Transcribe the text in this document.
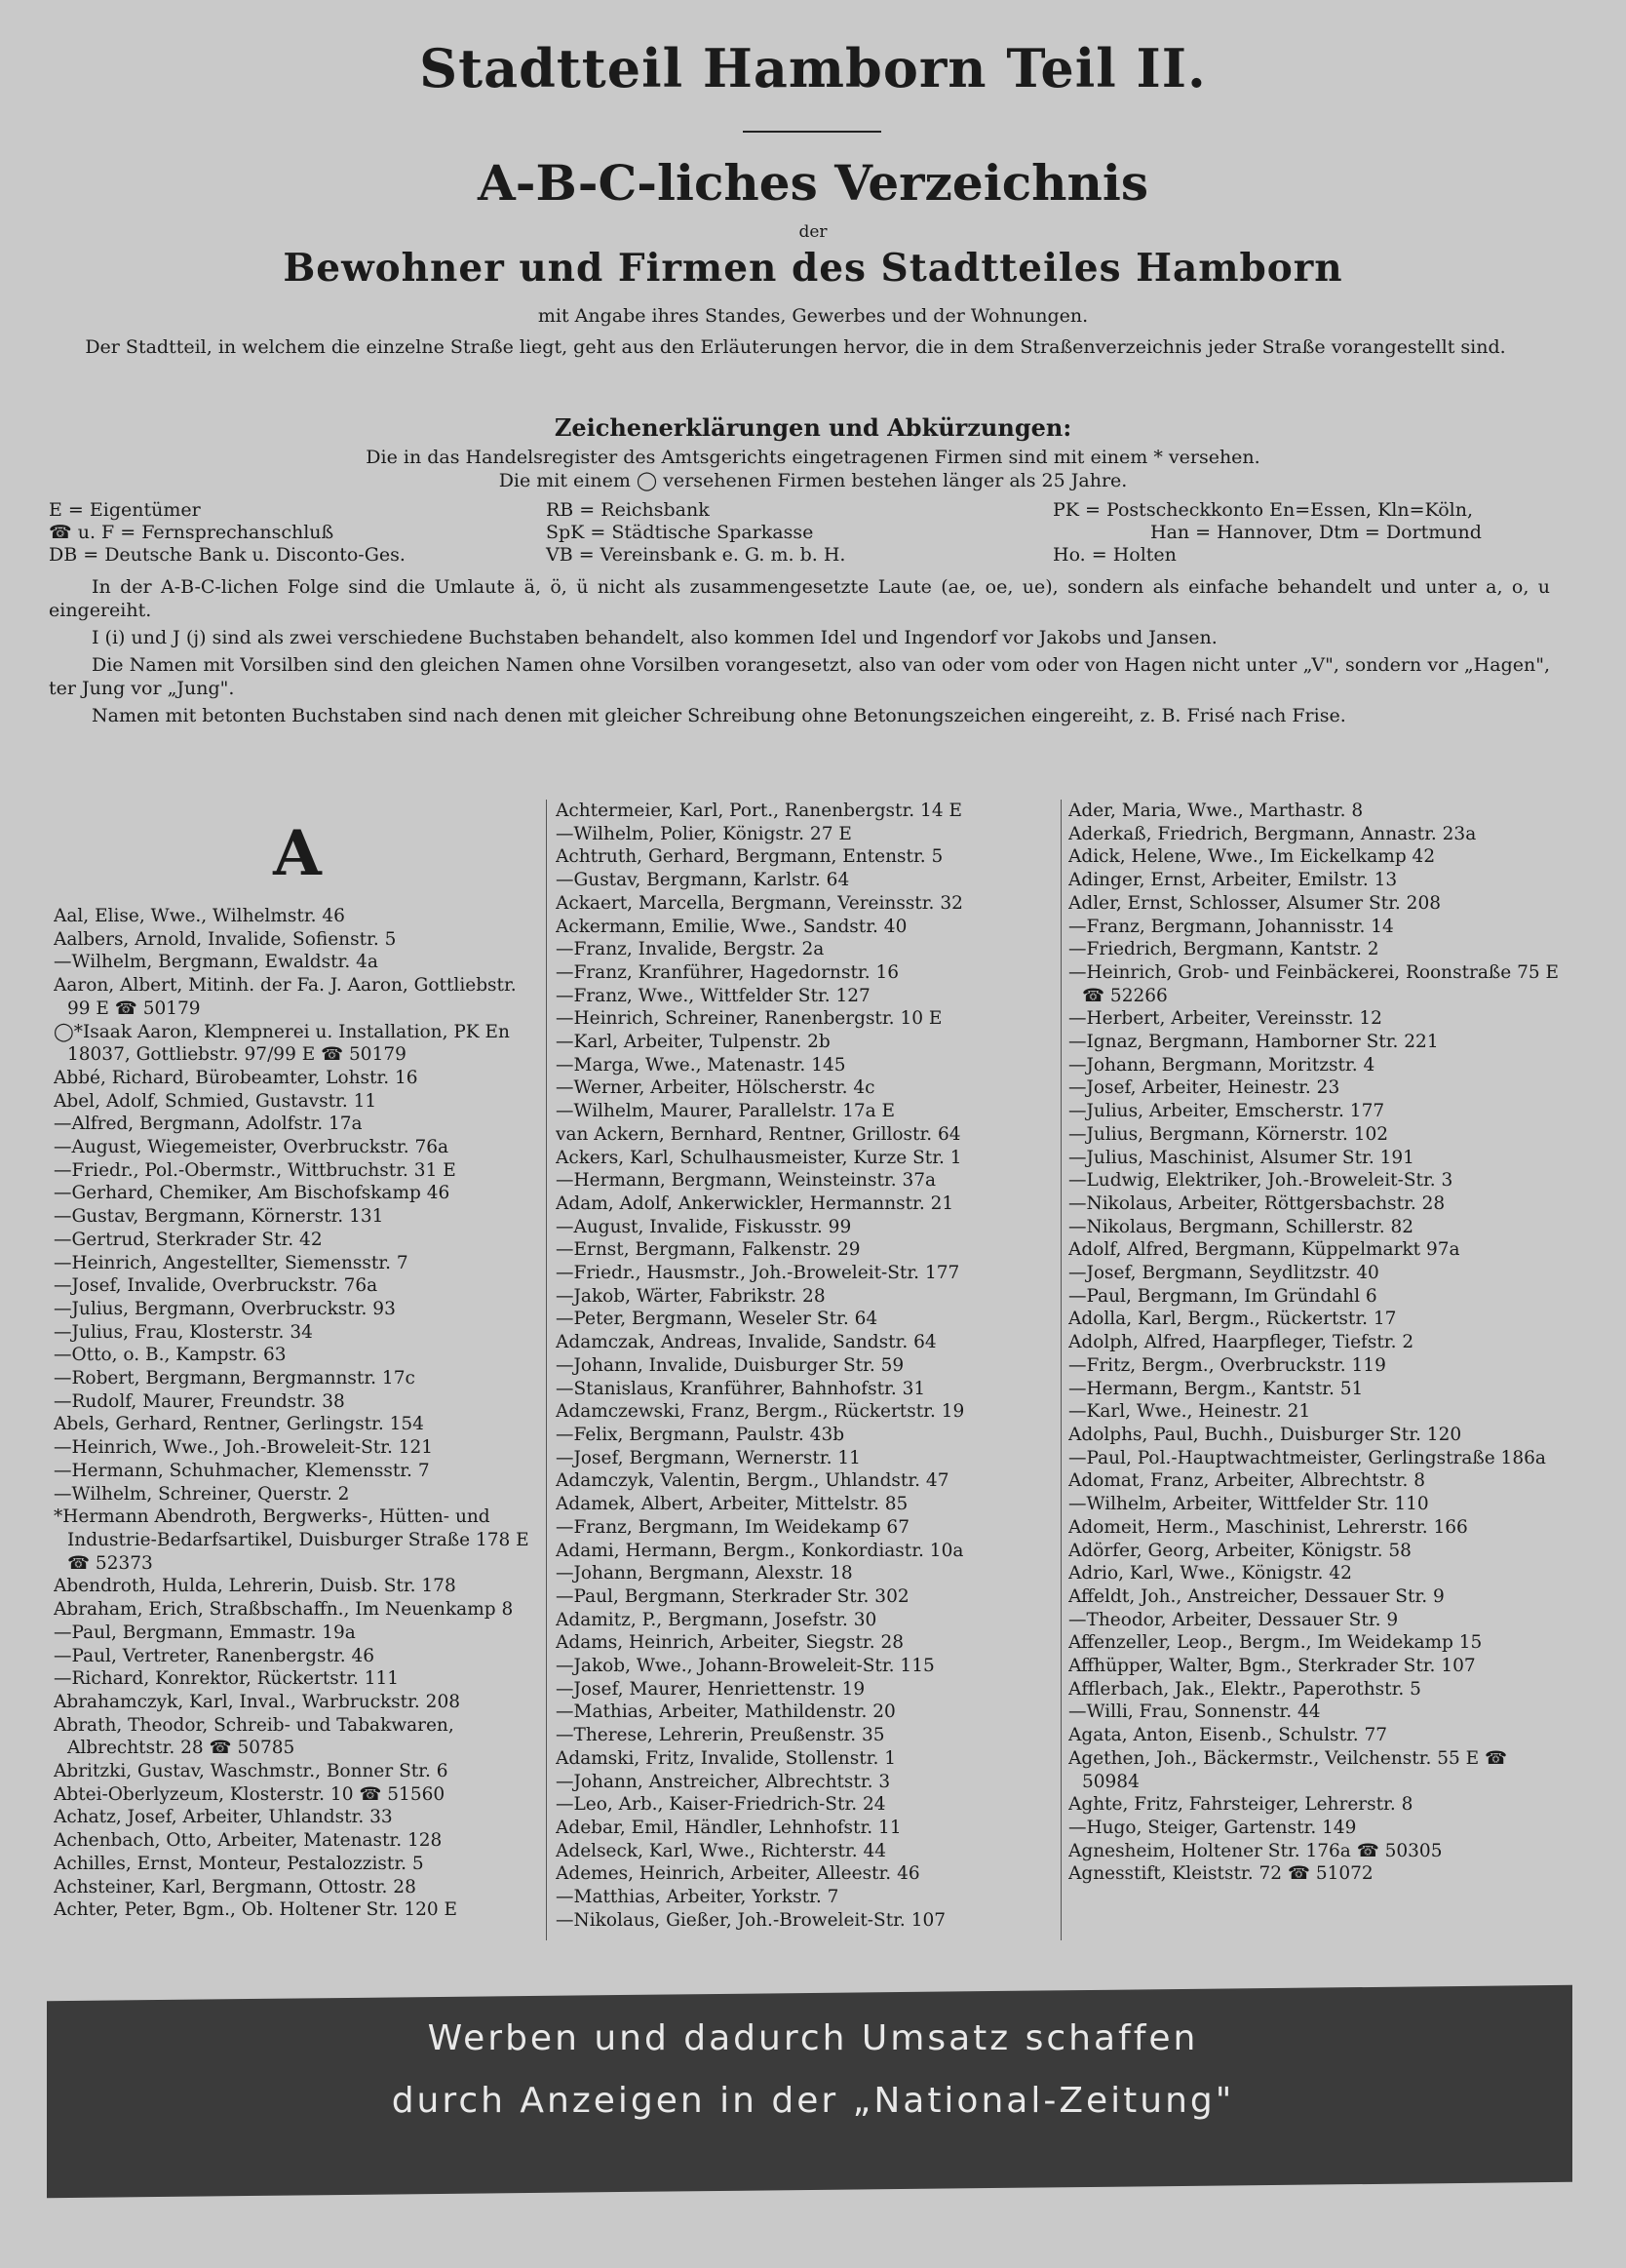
Stadtteil Hamborn Teil II.
A-B-C-liches Verzeichnis
der
Bewohner und Firmen des Stadtteiles Hamborn
mit Angabe ihres Standes, Gewerbes und der Wohnungen.
Der Stadtteil, in welchem die einzelne Straße liegt, geht aus den Erläuterungen hervor, die in dem Straßenverzeichnis jeder Straße vorangestellt sind.
Zeichenerklärungen und Abkürzungen:
Die in das Handelsregister des Amtsgerichts eingetragenen Firmen sind mit einem * versehen.
Die mit einem ◯ versehenen Firmen bestehen länger als 25 Jahre.
E = Eigentümer
☎ u. F = Fernsprechanschluß
DB = Deutsche Bank u. Disconto-Ges.
RB = Reichsbank
SpK = Städtische Sparkasse
VB = Vereinsbank e. G. m. b. H.
PK = Postscheckkonto En=Essen, Kln=Köln,
Han = Hannover, Dtm = Dortmund
Ho. = Holten

In der A-B-C-lichen Folge sind die Umlaute ä, ö, ü nicht als zusammengesetzte Laute (ae, oe, ue), sondern als einfache behandelt und unter a, o, u eingereiht.

I (i) und J (j) sind als zwei verschiedene Buchstaben behandelt, also kommen Idel und Ingendorf vor Jakobs und Jansen.

Die Namen mit Vorsilben sind den gleichen Namen ohne Vorsilben vorangesetzt, also van oder vom oder von Hagen nicht unter „V", sondern vor „Hagen", ter Jung vor „Jung".

Namen mit betonten Buchstaben sind nach denen mit gleicher Schreibung ohne Betonungszeichen eingereiht, z. B. Frisé nach Frise.

A
Aal, Elise, Wwe., Wilhelmstr. 46
Aalbers, Arnold, Invalide, Sofienstr. 5
—Wilhelm, Bergmann, Ewaldstr. 4a
Aaron, Albert, Mitinh. der Fa. J. Aaron, Gottliebstr. 99 E ☎ 50179
◯*Isaak Aaron, Klempnerei u. Installation, PK En 18037, Gottliebstr. 97/99 E ☎ 50179
Abbé, Richard, Bürobeamter, Lohstr. 16
Abel, Adolf, Schmied, Gustavstr. 11
—Alfred, Bergmann, Adolfstr. 17a
—August, Wiegemeister, Overbruckstr. 76a
—Friedr., Pol.-Obermstr., Wittbruchstr. 31 E
—Gerhard, Chemiker, Am Bischofskamp 46
—Gustav, Bergmann, Körnerstr. 131
—Gertrud, Sterkrader Str. 42
—Heinrich, Angestellter, Siemensstr. 7
—Josef, Invalide, Overbruckstr. 76a
—Julius, Bergmann, Overbruckstr. 93
—Julius, Frau, Klosterstr. 34
—Otto, o. B., Kampstr. 63
—Robert, Bergmann, Bergmannstr. 17c
—Rudolf, Maurer, Freundstr. 38
Abels, Gerhard, Rentner, Gerlingstr. 154
—Heinrich, Wwe., Joh.-Broweleit-Str. 121
—Hermann, Schuhmacher, Klemensstr. 7
—Wilhelm, Schreiner, Querstr. 2
*Hermann Abendroth, Bergwerks-, Hütten- und Industrie-Bedarfsartikel, Duisburger Straße 178 E ☎ 52373
Abendroth, Hulda, Lehrerin, Duisb. Str. 178
Abraham, Erich, Straßbschaffn., Im Neuenkamp 8
—Paul, Bergmann, Emmastr. 19a
—Paul, Vertreter, Ranenbergstr. 46
—Richard, Konrektor, Rückertstr. 111
Abrahamczyk, Karl, Inval., Warbruckstr. 208
Abrath, Theodor, Schreib- und Tabakwaren, Albrechtstr. 28 ☎ 50785
Abritzki, Gustav, Waschmstr., Bonner Str. 6
Abtei-Oberlyzeum, Klosterstr. 10 ☎ 51560
Achatz, Josef, Arbeiter, Uhlandstr. 33
Achenbach, Otto, Arbeiter, Matenastr. 128
Achilles, Ernst, Monteur, Pestalozzistr. 5
Achsteiner, Karl, Bergmann, Ottostr. 28
Achter, Peter, Bgm., Ob. Holtener Str. 120 E
Achtermeier, Karl, Port., Ranenbergstr. 14 E
—Wilhelm, Polier, Königstr. 27 E
Achtruth, Gerhard, Bergmann, Entenstr. 5
—Gustav, Bergmann, Karlstr. 64
Ackaert, Marcella, Bergmann, Vereinsstr. 32
Ackermann, Emilie, Wwe., Sandstr. 40
—Franz, Invalide, Bergstr. 2a
—Franz, Kranführer, Hagedornstr. 16
—Franz, Wwe., Wittfelder Str. 127
—Heinrich, Schreiner, Ranenbergstr. 10 E
—Karl, Arbeiter, Tulpenstr. 2b
—Marga, Wwe., Matenastr. 145
—Werner, Arbeiter, Hölscherstr. 4c
—Wilhelm, Maurer, Parallelstr. 17a E
van Ackern, Bernhard, Rentner, Grillostr. 64
Ackers, Karl, Schulhausmeister, Kurze Str. 1
—Hermann, Bergmann, Weinsteinstr. 37a
Adam, Adolf, Ankerwickler, Hermannstr. 21
—August, Invalide, Fiskusstr. 99
—Ernst, Bergmann, Falkenstr. 29
—Friedr., Hausmstr., Joh.-Broweleit-Str. 177
—Jakob, Wärter, Fabrikstr. 28
—Peter, Bergmann, Weseler Str. 64
Adamczak, Andreas, Invalide, Sandstr. 64
—Johann, Invalide, Duisburger Str. 59
—Stanislaus, Kranführer, Bahnhofstr. 31
Adamczewski, Franz, Bergm., Rückertstr. 19
—Felix, Bergmann, Paulstr. 43b
—Josef, Bergmann, Wernerstr. 11
Adamczyk, Valentin, Bergm., Uhlandstr. 47
Adamek, Albert, Arbeiter, Mittelstr. 85
—Franz, Bergmann, Im Weidekamp 67
Adami, Hermann, Bergm., Konkordiastr. 10a
—Johann, Bergmann, Alexstr. 18
—Paul, Bergmann, Sterkrader Str. 302
Adamitz, P., Bergmann, Josefstr. 30
Adams, Heinrich, Arbeiter, Siegstr. 28
—Jakob, Wwe., Johann-Broweleit-Str. 115
—Josef, Maurer, Henriettenstr. 19
—Mathias, Arbeiter, Mathildenstr. 20
—Therese, Lehrerin, Preußenstr. 35
Adamski, Fritz, Invalide, Stollenstr. 1
—Johann, Anstreicher, Albrechtstr. 3
—Leo, Arb., Kaiser-Friedrich-Str. 24
Adebar, Emil, Händler, Lehnhofstr. 11
Adelseck, Karl, Wwe., Richterstr. 44
Ademes, Heinrich, Arbeiter, Alleestr. 46
—Matthias, Arbeiter, Yorkstr. 7
—Nikolaus, Gießer, Joh.-Broweleit-Str. 107
Ader, Maria, Wwe., Marthastr. 8
Aderkaß, Friedrich, Bergmann, Annastr. 23a
Adick, Helene, Wwe., Im Eickelkamp 42
Adinger, Ernst, Arbeiter, Emilstr. 13
Adler, Ernst, Schlosser, Alsumer Str. 208
—Franz, Bergmann, Johannisstr. 14
—Friedrich, Bergmann, Kantstr. 2
—Heinrich, Grob- und Feinbäckerei, Roonstraße 75 E ☎ 52266
—Herbert, Arbeiter, Vereinsstr. 12
—Ignaz, Bergmann, Hamborner Str. 221
—Johann, Bergmann, Moritzstr. 4
—Josef, Arbeiter, Heinestr. 23
—Julius, Arbeiter, Emscherstr. 177
—Julius, Bergmann, Körnerstr. 102
—Julius, Maschinist, Alsumer Str. 191
—Ludwig, Elektriker, Joh.-Broweleit-Str. 3
—Nikolaus, Arbeiter, Röttgersbachstr. 28
—Nikolaus, Bergmann, Schillerstr. 82
Adolf, Alfred, Bergmann, Küppelmarkt 97a
—Josef, Bergmann, Seydlitzstr. 40
—Paul, Bergmann, Im Gründahl 6
Adolla, Karl, Bergm., Rückertstr. 17
Adolph, Alfred, Haarpfleger, Tiefstr. 2
—Fritz, Bergm., Overbruckstr. 119
—Hermann, Bergm., Kantstr. 51
—Karl, Wwe., Heinestr. 21
Adolphs, Paul, Buchh., Duisburger Str. 120
—Paul, Pol.-Hauptwachtmeister, Gerlingstraße 186a
Adomat, Franz, Arbeiter, Albrechtstr. 8
—Wilhelm, Arbeiter, Wittfelder Str. 110
Adomeit, Herm., Maschinist, Lehrerstr. 166
Adörfer, Georg, Arbeiter, Königstr. 58
Adrio, Karl, Wwe., Königstr. 42
Affeldt, Joh., Anstreicher, Dessauer Str. 9
—Theodor, Arbeiter, Dessauer Str. 9
Affenzeller, Leop., Bergm., Im Weidekamp 15
Affhüpper, Walter, Bgm., Sterkrader Str. 107
Afflerbach, Jak., Elektr., Paperothstr. 5
—Willi, Frau, Sonnenstr. 44
Agata, Anton, Eisenb., Schulstr. 77
Agethen, Joh., Bäckermstr., Veilchenstr. 55 E ☎ 50984
Aghte, Fritz, Fahrsteiger, Lehrerstr. 8
—Hugo, Steiger, Gartenstr. 149
Agnesheim, Holtener Str. 176a ☎ 50305
Agnesstift, Kleiststr. 72 ☎ 51072
Werben und dadurch Umsatz schaffen
durch Anzeigen in der „National-Zeitung"
